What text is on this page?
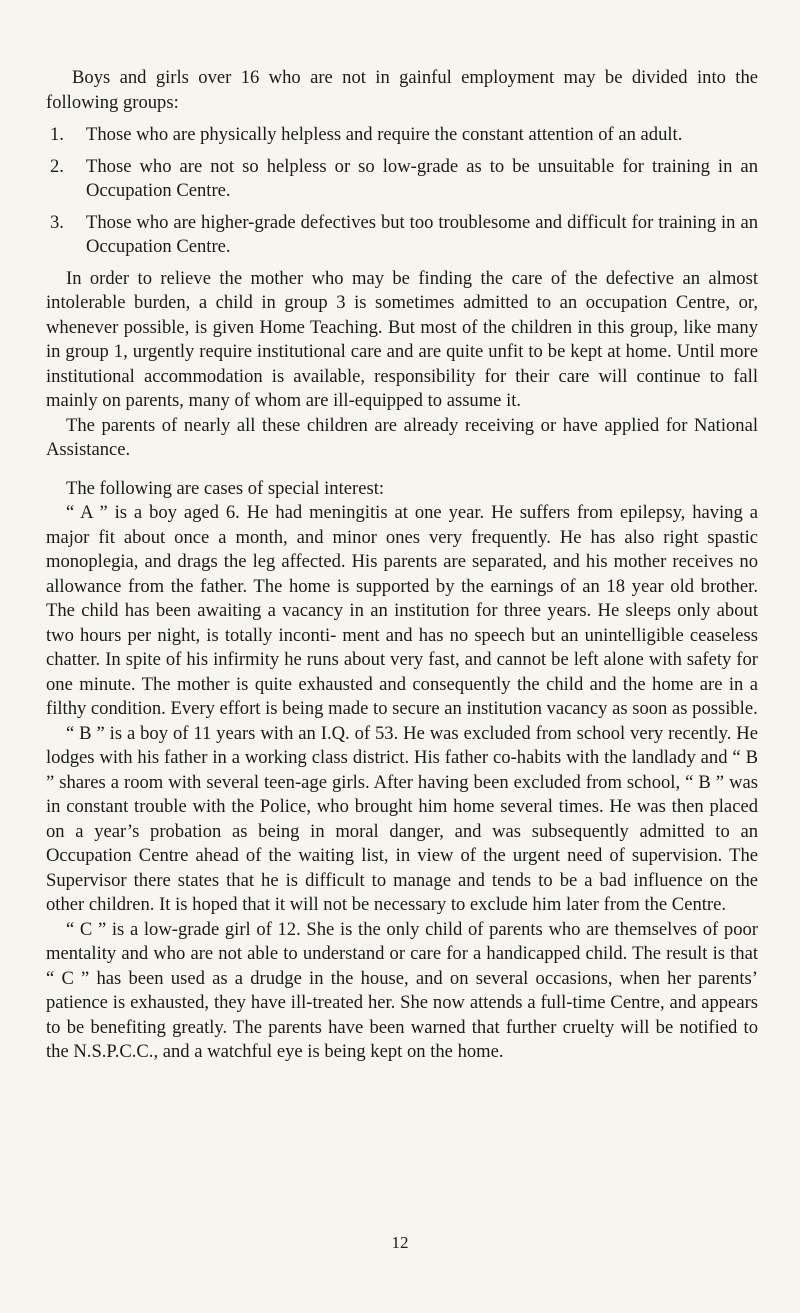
Boys and girls over 16 who are not in gainful employment may be divided into the following groups:

1.	Those who are physically helpless and require the constant attention of an adult.
2.	Those who are not so helpless or so low-grade as to be unsuitable for training in an Occupation Centre.
3.	Those who are higher-grade defectives but too troublesome and difficult for training in an Occupation Centre.

In order to relieve the mother who may be finding the care of the defective an almost intolerable burden, a child in group 3 is sometimes admitted to an occupation Centre, or, whenever possible, is given Home Teaching. But most of the children in this group, like many in group 1, urgently require institutional care and are quite unfit to be kept at home. Until more institutional accommodation is available, responsibility for their care will continue to fall mainly on parents, many of whom are ill-equipped to assume it.

The parents of nearly all these children are already receiving or have applied for National Assistance.

The following are cases of special interest:

“ A ” is a boy aged 6. He had meningitis at one year. He suffers from epilepsy, having a major fit about once a month, and minor ones very frequently. He has also right spastic monoplegia, and drags the leg affected. His parents are separated, and his mother receives no allowance from the father. The home is supported by the earnings of an 18 year old brother. The child has been awaiting a vacancy in an institution for three years. He sleeps only about two hours per night, is totally inconti- ment and has no speech but an unintelligible ceaseless chatter. In spite of his infirmity he runs about very fast, and cannot be left alone with safety for one minute. The mother is quite exhausted and consequently the child and the home are in a filthy condition. Every effort is being made to secure an institution vacancy as soon as possible.

“ B ” is a boy of 11 years with an I.Q. of 53. He was excluded from school very recently. He lodges with his father in a working class district. His father co-habits with the landlady and “ B ” shares a room with several teen-age girls. After having been excluded from school, “ B ” was in constant trouble with the Police, who brought him home several times. He was then placed on a year’s probation as being in moral danger, and was subsequently admitted to an Occupation Centre ahead of the waiting list, in view of the urgent need of supervision. The Supervisor there states that he is difficult to manage and tends to be a bad influence on the other children. It is hoped that it will not be necessary to exclude him later from the Centre.

“ C ” is a low-grade girl of 12. She is the only child of parents who are themselves of poor mentality and who are not able to understand or care for a handicapped child. The result is that “ C ” has been used as a drudge in the house, and on several occasions, when her parents’ patience is exhausted, they have ill-treated her. She now attends a full-time Centre, and appears to be benefiting greatly. The parents have been warned that further cruelty will be notified to the N.S.P.C.C., and a watchful eye is being kept on the home.

12
